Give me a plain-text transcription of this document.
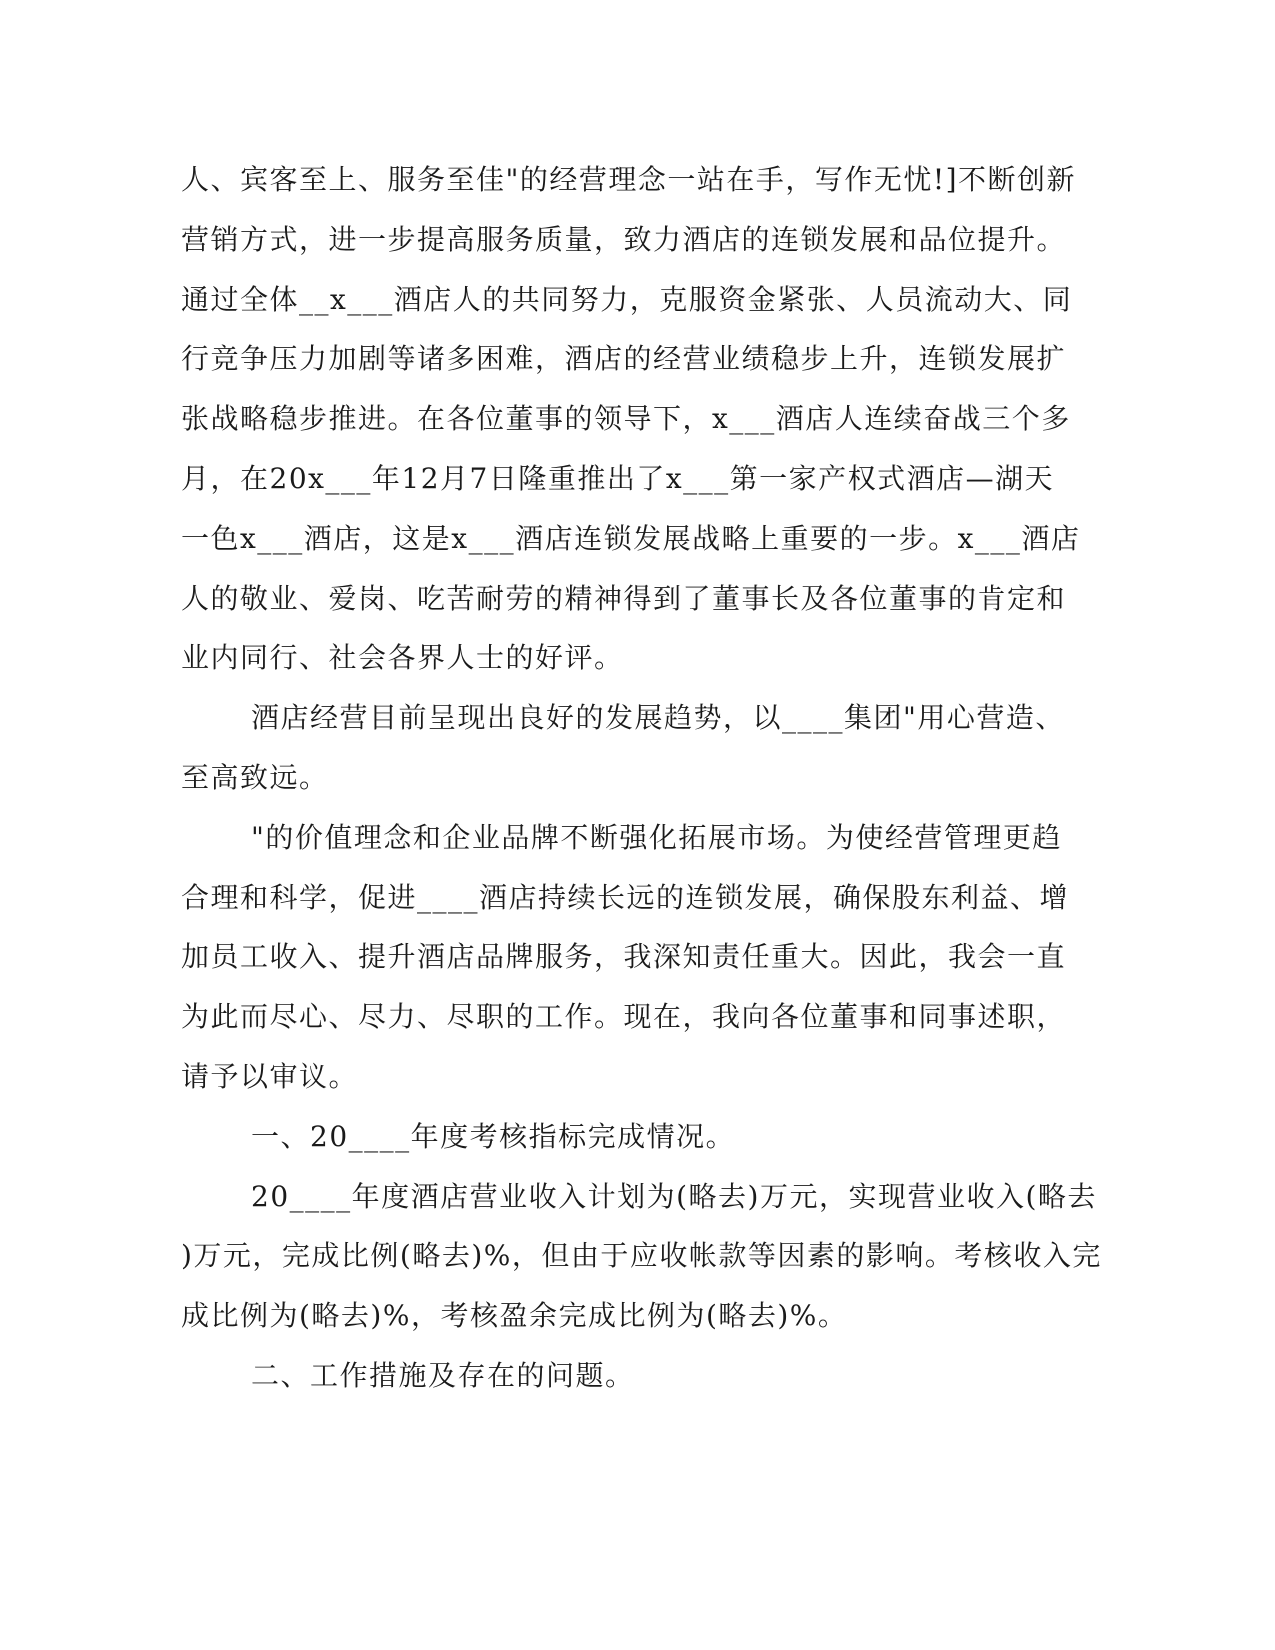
人、宾客至上、服务至佳"的经营理念一站在手，写作无忧!]不断创新
营销方式，进一步提高服务质量，致力酒店的连锁发展和品位提升。
通过全体__x___酒店人的共同努力，克服资金紧张、人员流动大、同
行竞争压力加剧等诸多困难，酒店的经营业绩稳步上升，连锁发展扩
张战略稳步推进。在各位董事的领导下，x___酒店人连续奋战三个多
月，在20x___年12月7日隆重推出了x___第一家产权式酒店—湖天
一色x___酒店，这是x___酒店连锁发展战略上重要的一步。x___酒店
人的敬业、爱岗、吃苦耐劳的精神得到了董事长及各位董事的肯定和
业内同行、社会各界人士的好评。
酒店经营目前呈现出良好的发展趋势，以____集团"用心营造、
至高致远。
"的价值理念和企业品牌不断强化拓展市场。为使经营管理更趋
合理和科学，促进____酒店持续长远的连锁发展，确保股东利益、增
加员工收入、提升酒店品牌服务，我深知责任重大。因此，我会一直
为此而尽心、尽力、尽职的工作。现在，我向各位董事和同事述职，
请予以审议。
一、20____年度考核指标完成情况。
20____年度酒店营业收入计划为(略去)万元，实现营业收入(略去
)万元，完成比例(略去)%，但由于应收帐款等因素的影响。考核收入完
成比例为(略去)%，考核盈余完成比例为(略去)%。
二、工作措施及存在的问题。
